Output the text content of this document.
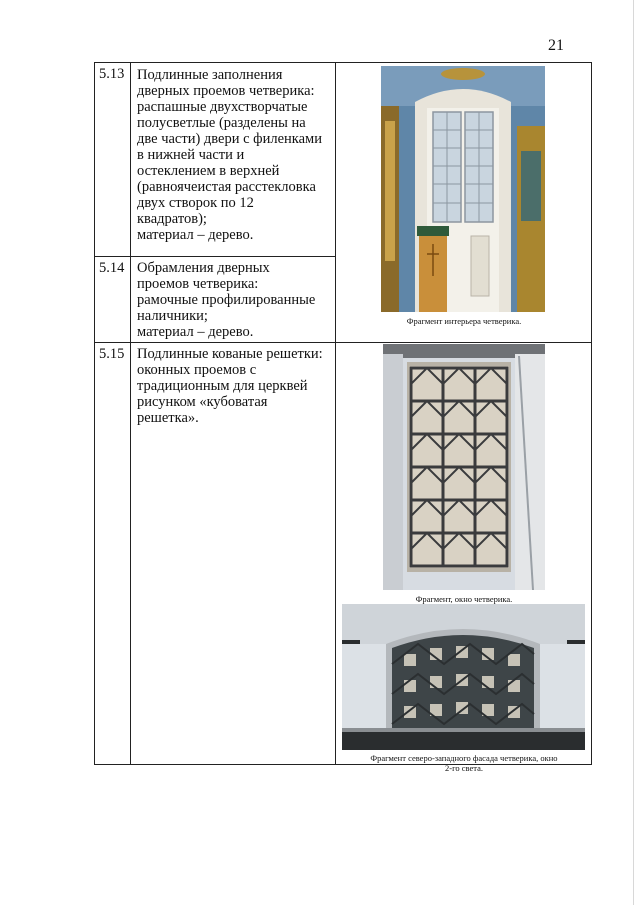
21
5.13 Подлинные заполнения
дверных проемов четверика:
распашные двухстворчатые
полусветлые (разделены на
две части) двери с филенками
в нижней части и
остеклением в верхней
(равноячеистая расстекловка
двух створок по 12
квадратов);
материал – дерево.
5.14 Обрамления дверных
проемов четверика:
рамочные профилированные
наличники;
материал – дерево.
5.15 Подлинные кованые решетки:
оконных проемов с
традиционным для церквей
рисунком «кубоватая
решетка».
Фрагмент интерьера четверика.
Фрагмент, окно четверика.
Фрагмент северо-западного фасада четверика, окно
2-го света.
